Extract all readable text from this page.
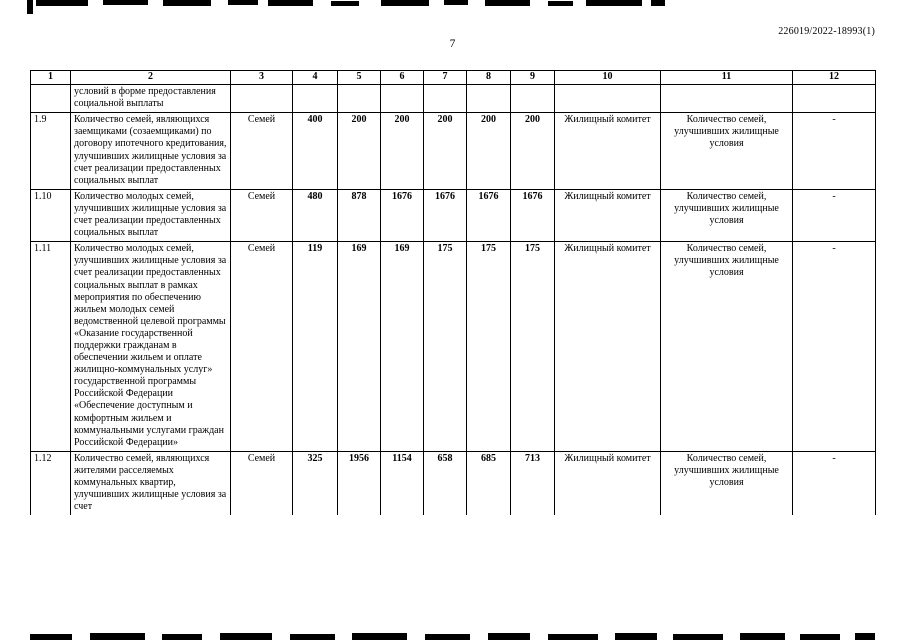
226019/2022-18993(1)
7
1	2	3	4	5	6	7	8	9	10	11	12
	условий в форме предоставления социальной выплаты										
1.9	Количество семей, являющихся заемщиками (созаемщиками) по договору ипотечного кредитования, улучшивших жилищные условия за счет реализации предоставленных социальных выплат	Семей	400	200	200	200	200	200	Жилищный комитет	Количество семей, улучшивших жилищные условия	-
1.10	Количество молодых семей, улучшивших жилищные условия за счет реализации предоставленных социальных выплат	Семей	480	878	1676	1676	1676	1676	Жилищный комитет	Количество семей, улучшивших жилищные условия	-
1.11	Количество молодых семей, улучшивших жилищные условия за счет реализации предоставленных социальных выплат в рамках мероприятия по обеспечению жильем молодых семей ведомственной целевой программы «Оказание государственной поддержки гражданам в обеспечении жильем и оплате жилищно-коммунальных услуг» государственной программы Российской Федерации «Обеспечение доступным и комфортным жильем и коммунальными услугами граждан Российской Федерации»	Семей	119	169	169	175	175	175	Жилищный комитет	Количество семей, улучшивших жилищные условия	-
1.12	Количество семей, являющихся жителями расселяемых коммунальных квартир, улучшивших жилищные условия за счет	Семей	325	1956	1154	658	685	713	Жилищный комитет	Количество семей, улучшивших жилищные условия	-
